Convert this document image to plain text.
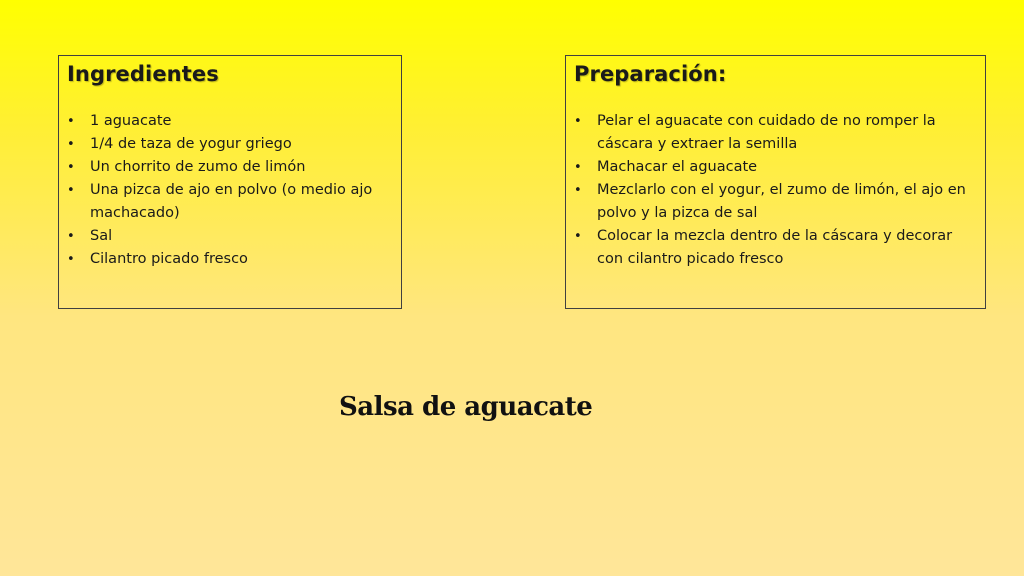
Ingredientes
• 1 aguacate
• 1/4 de taza de yogur griego
• Un chorrito de zumo de limón
• Una pizca de ajo en polvo (o medio ajo machacado)
• Sal
• Cilantro picado fresco
Preparación:
• Pelar el aguacate con cuidado de no romper la cáscara y extraer la semilla
• Machacar el aguacate
• Mezclarlo con el yogur, el zumo de limón, el ajo en polvo y la pizca de sal
• Colocar la mezcla dentro de la cáscara y decorar con cilantro picado fresco
Salsa de aguacate
